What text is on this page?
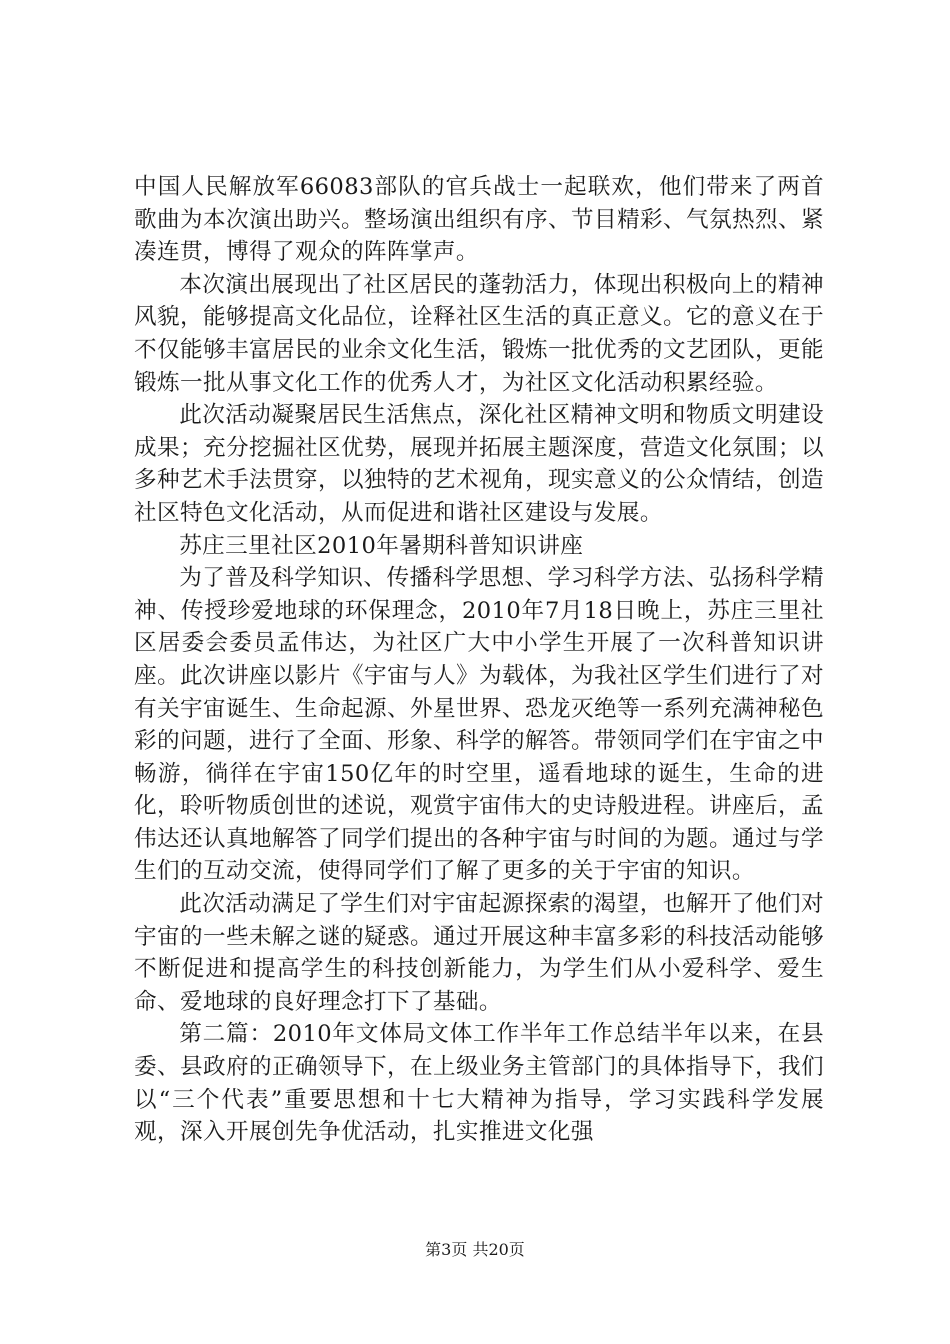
中国人民解放军66083部队的官兵战士一起联欢，他们带来了两首歌曲为本次演出助兴。整场演出组织有序、节目精彩、气氛热烈、紧凑连贯，博得了观众的阵阵掌声。

本次演出展现出了社区居民的蓬勃活力，体现出积极向上的精神风貌，能够提高文化品位，诠释社区生活的真正意义。它的意义在于不仅能够丰富居民的业余文化生活，锻炼一批优秀的文艺团队，更能锻炼一批从事文化工作的优秀人才，为社区文化活动积累经验。

此次活动凝聚居民生活焦点，深化社区精神文明和物质文明建设成果；充分挖掘社区优势，展现并拓展主题深度，营造文化氛围；以多种艺术手法贯穿，以独特的艺术视角，现实意义的公众情结，创造社区特色文化活动，从而促进和谐社区建设与发展。

苏庄三里社区2010年暑期科普知识讲座

为了普及科学知识、传播科学思想、学习科学方法、弘扬科学精神、传授珍爱地球的环保理念，2010年7月18日晚上，苏庄三里社区居委会委员孟伟达，为社区广大中小学生开展了一次科普知识讲座。此次讲座以影片《宇宙与人》为载体，为我社区学生们进行了对有关宇宙诞生、生命起源、外星世界、恐龙灭绝等一系列充满神秘色彩的问题，进行了全面、形象、科学的解答。带领同学们在宇宙之中畅游，徜徉在宇宙150亿年的时空里，遥看地球的诞生，生命的进化，聆听物质创世的述说，观赏宇宙伟大的史诗般进程。讲座后，孟伟达还认真地解答了同学们提出的各种宇宙与时间的为题。通过与学生们的互动交流，使得同学们了解了更多的关于宇宙的知识。

此次活动满足了学生们对宇宙起源探索的渴望，也解开了他们对宇宙的一些未解之谜的疑惑。通过开展这种丰富多彩的科技活动能够不断促进和提高学生的科技创新能力，为学生们从小爱科学、爱生命、爱地球的良好理念打下了基础。

第二篇：2010年文体局文体工作半年工作总结半年以来，在县委、县政府的正确领导下，在上级业务主管部门的具体指导下，我们以“三个代表”重要思想和十七大精神为指导，学习实践科学发展观，深入开展创先争优活动，扎实推进文化强

第3页 共20页
